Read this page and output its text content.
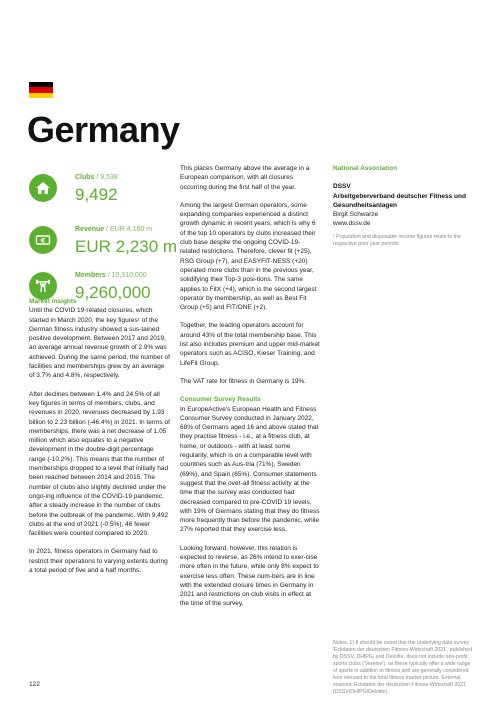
Germany
Clubs / 9,538
9,492
€
Revenue / EUR 4,160 m
EUR 2,230 m
Members / 10,310,000
9,260,000

Market insights

Until the COVID 19-related closures, which started in March 2020, the key figures¹ of the German fitness industry showed a sus-tained positive development. Between 2017 and 2019, an average annual revenue growth of 2.9% was achieved. During the same period, the number of facilities and memberships grew by an average of 3.7% and 4.8%, respectively.

After declines between 1.4% and 24.5% of all key figures in terms of members, clubs, and revenues in 2020, revenues decreased by 1.93 billion to 2.23 billion (-46.4%) in 2021. In terms of memberships, there was a net decrease of 1.05 million which also equates to a negative development in the double-digit percentage range (-10.2%). This means that the number of memberships dropped to a level that initially had been reached between 2014 and 2015. The number of clubs also slightly declined under the ongo-ing influence of the COVID-19 pandemic, after a steady increase in the number of clubs before the outbreak of the pandemic. With 9,492 clubs at the end of 2021 (-0.5%), 46 fewer facilities were counted compared to 2020.

In 2021, fitness operators in Germany had to restrict their operations to varying extents during a total period of five and a half months.

This places Germany above the average in a European comparison, with all closures occurring during the first half of the year.

Among the largest German operators, some expanding companies experienced a distinct growth dynamic in recent years, which is why 6 of the top 10 operators by clubs increased their club base despite the ongoing COVID-19-related restrictions. Therefore, clever fit (+25), RSG Group (+7), and EASYFIT-NESS (+20) operated more clubs than in the previous year, solidifying their Top-3 posi-tions. The same applies to FitX (+4), which is the second largest operator by membership, as well as Best Fit Group (+5) and FIT/ONE (+2).

Together, the leading operators account for around 43% of the total membership base. This list also includes premium and upper mid-market operators such as ACISO, Kieser Training, and LifeFit Group.

The VAT rate for fitness in Germany is 19%.

Consumer Survey Results

In EuropeActive's European Health and Fitness Consumer Survey conducted in January 2022, 68% of Germans aged 16 and above stated that they practise fitness - i.e., at a fitness club, at home, or outdoors - with at least some regularity, which is on a comparable level with countries such as Aus-tria (71%), Sweden (69%), and Spain (65%). Consumer statements suggest that the over-all fitness activity at the time that the survey was conducted had decreased compared to pre-COVID 19 levels, with 19% of Germans stating that they do fitness more frequently than before the pandemic, while 27% reported that they exercise less.

Looking forward, however, this relation is expected to reverse, as 26% intend to exer-cise more often in the future, while only 8% expect to exercise less often. These num-bers are in line with the extended closure times in Germany in 2021 and restrictions on club visits in effect at the time of the survey.

National Association

DSSV
Arbeitgeberverband deutscher Fitness und Gesundheitsanlagen
Birgit Schwarze
www.dssv.de
¹ Population and disposable income figures relate to the respective prior year periods.
Notes: 1) It should be noted that the underlying data survey 'Eckdaten der deutschen Fitness-Wirtschaft 2021', published by DSSV, DHfPG, and Deloitte, does not include non-profit sports clubs ('Vereine'), as these typically offer a wide range of sports in addition to fitness and are generally considered less relevant to the total fitness market picture. External sources: Eckdaten der deutschen Fitness-Wirtschaft 2021 (DSSV/DHfPG/Deloitte).
122
